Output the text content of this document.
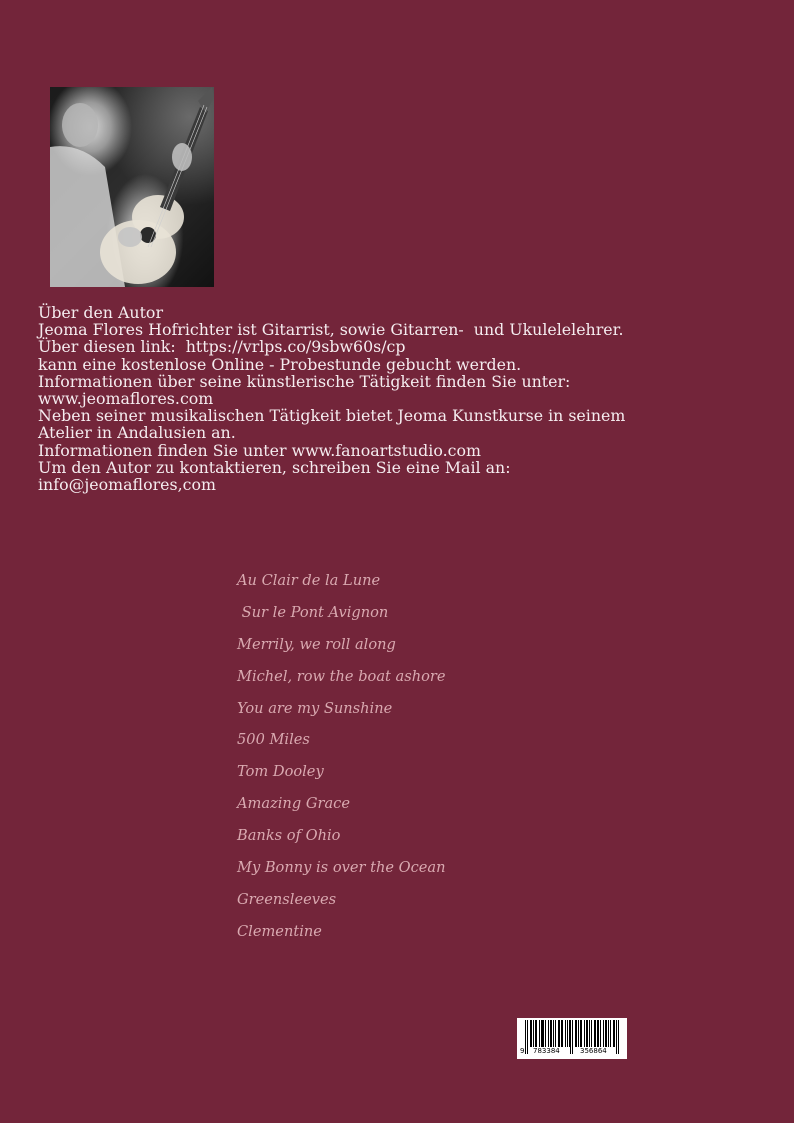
Über den Autor
Jeoma Flores Hofrichter ist Gitarrist, sowie Gitarren-  und Ukulelelehrer.
Über diesen link:  https://vrlps.co/9sbw60s/cp
kann eine kostenlose Online - Probestunde gebucht werden.
Informationen über seine künstlerische Tätigkeit finden Sie unter:
www.jeomaflores.com
Neben seiner musikalischen Tätigkeit bietet Jeoma Kunstkurse in seinem
Atelier in Andalusien an.
Informationen finden Sie unter www.fanoartstudio.com
Um den Autor zu kontaktieren, schreiben Sie eine Mail an:
info@jeomaflores,com
Au Clair de la Lune
Sur le Pont Avignon
Merrily, we roll along
Michel, row the boat ashore
You are my Sunshine
500 Miles
Tom Dooley
Amazing Grace
Banks of Ohio
My Bonny is over the Ocean
Greensleeves
Clementine
9 783384	356864
